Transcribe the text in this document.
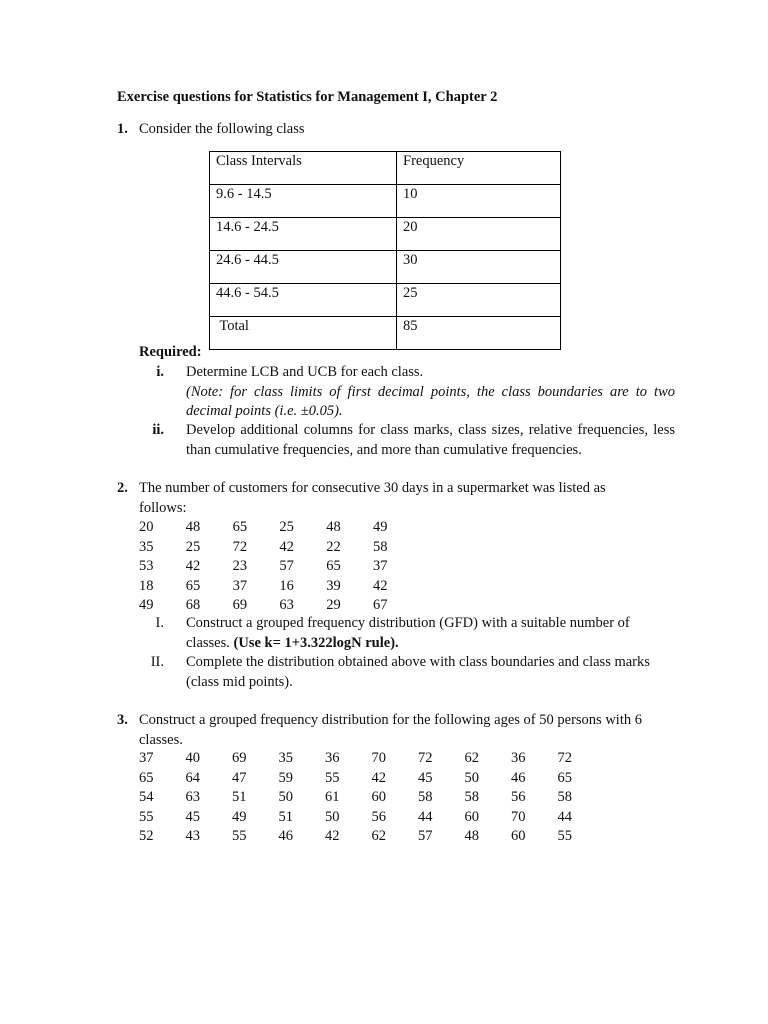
Exercise questions for Statistics for Management I, Chapter 2
1. Consider the following class
Class Intervals	Frequency
9.6 - 14.5	10
14.6 - 24.5	20
24.6 - 44.5	30
44.6 - 54.5	25
Total	85
Required:
i. Determine LCB and UCB for each class.
(Note: for class limits of first decimal points, the class boundaries are to two decimal points (i.e. ±0.05).
ii. Develop additional columns for class marks, class sizes, relative frequencies, less than cumulative frequencies, and more than cumulative frequencies.
2. The number of customers for consecutive 30 days in a supermarket was listed as follows:
20 48 65 25 48 49
35 25 72 42 22 58
53 42 23 57 65 37
18 65 37 16 39 42
49 68 69 63 29 67
I. Construct a grouped frequency distribution (GFD) with a suitable number of classes. (Use k= 1+3.322logN rule).
II. Complete the distribution obtained above with class boundaries and class marks (class mid points).
3. Construct a grouped frequency distribution for the following ages of 50 persons with 6 classes.
37 40 69 35 36 70 72 62 36 72
65 64 47 59 55 42 45 50 46 65
54 63 51 50 61 60 58 58 56 58
55 45 49 51 50 56 44 60 70 44
52 43 55 46 42 62 57 48 60 55
